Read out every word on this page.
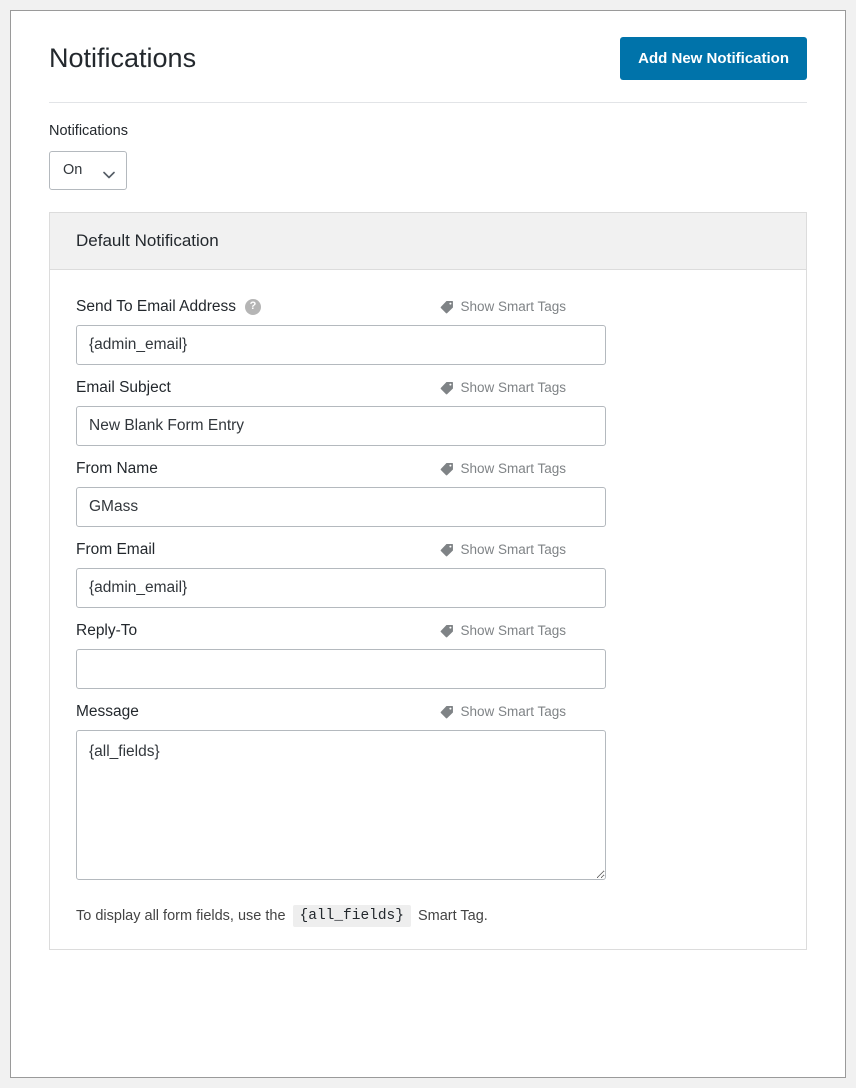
Notifications	Add New Notification
Notifications
On
Default Notification
Send To Email Address	?	Show Smart Tags
{admin_email}
Email Subject	Show Smart Tags
New Blank Form Entry
From Name	Show Smart Tags
GMass
From Email	Show Smart Tags
{admin_email}
Reply-To	Show Smart Tags
Message	Show Smart Tags
{all_fields}
To display all form fields, use the {all_fields} Smart Tag.
